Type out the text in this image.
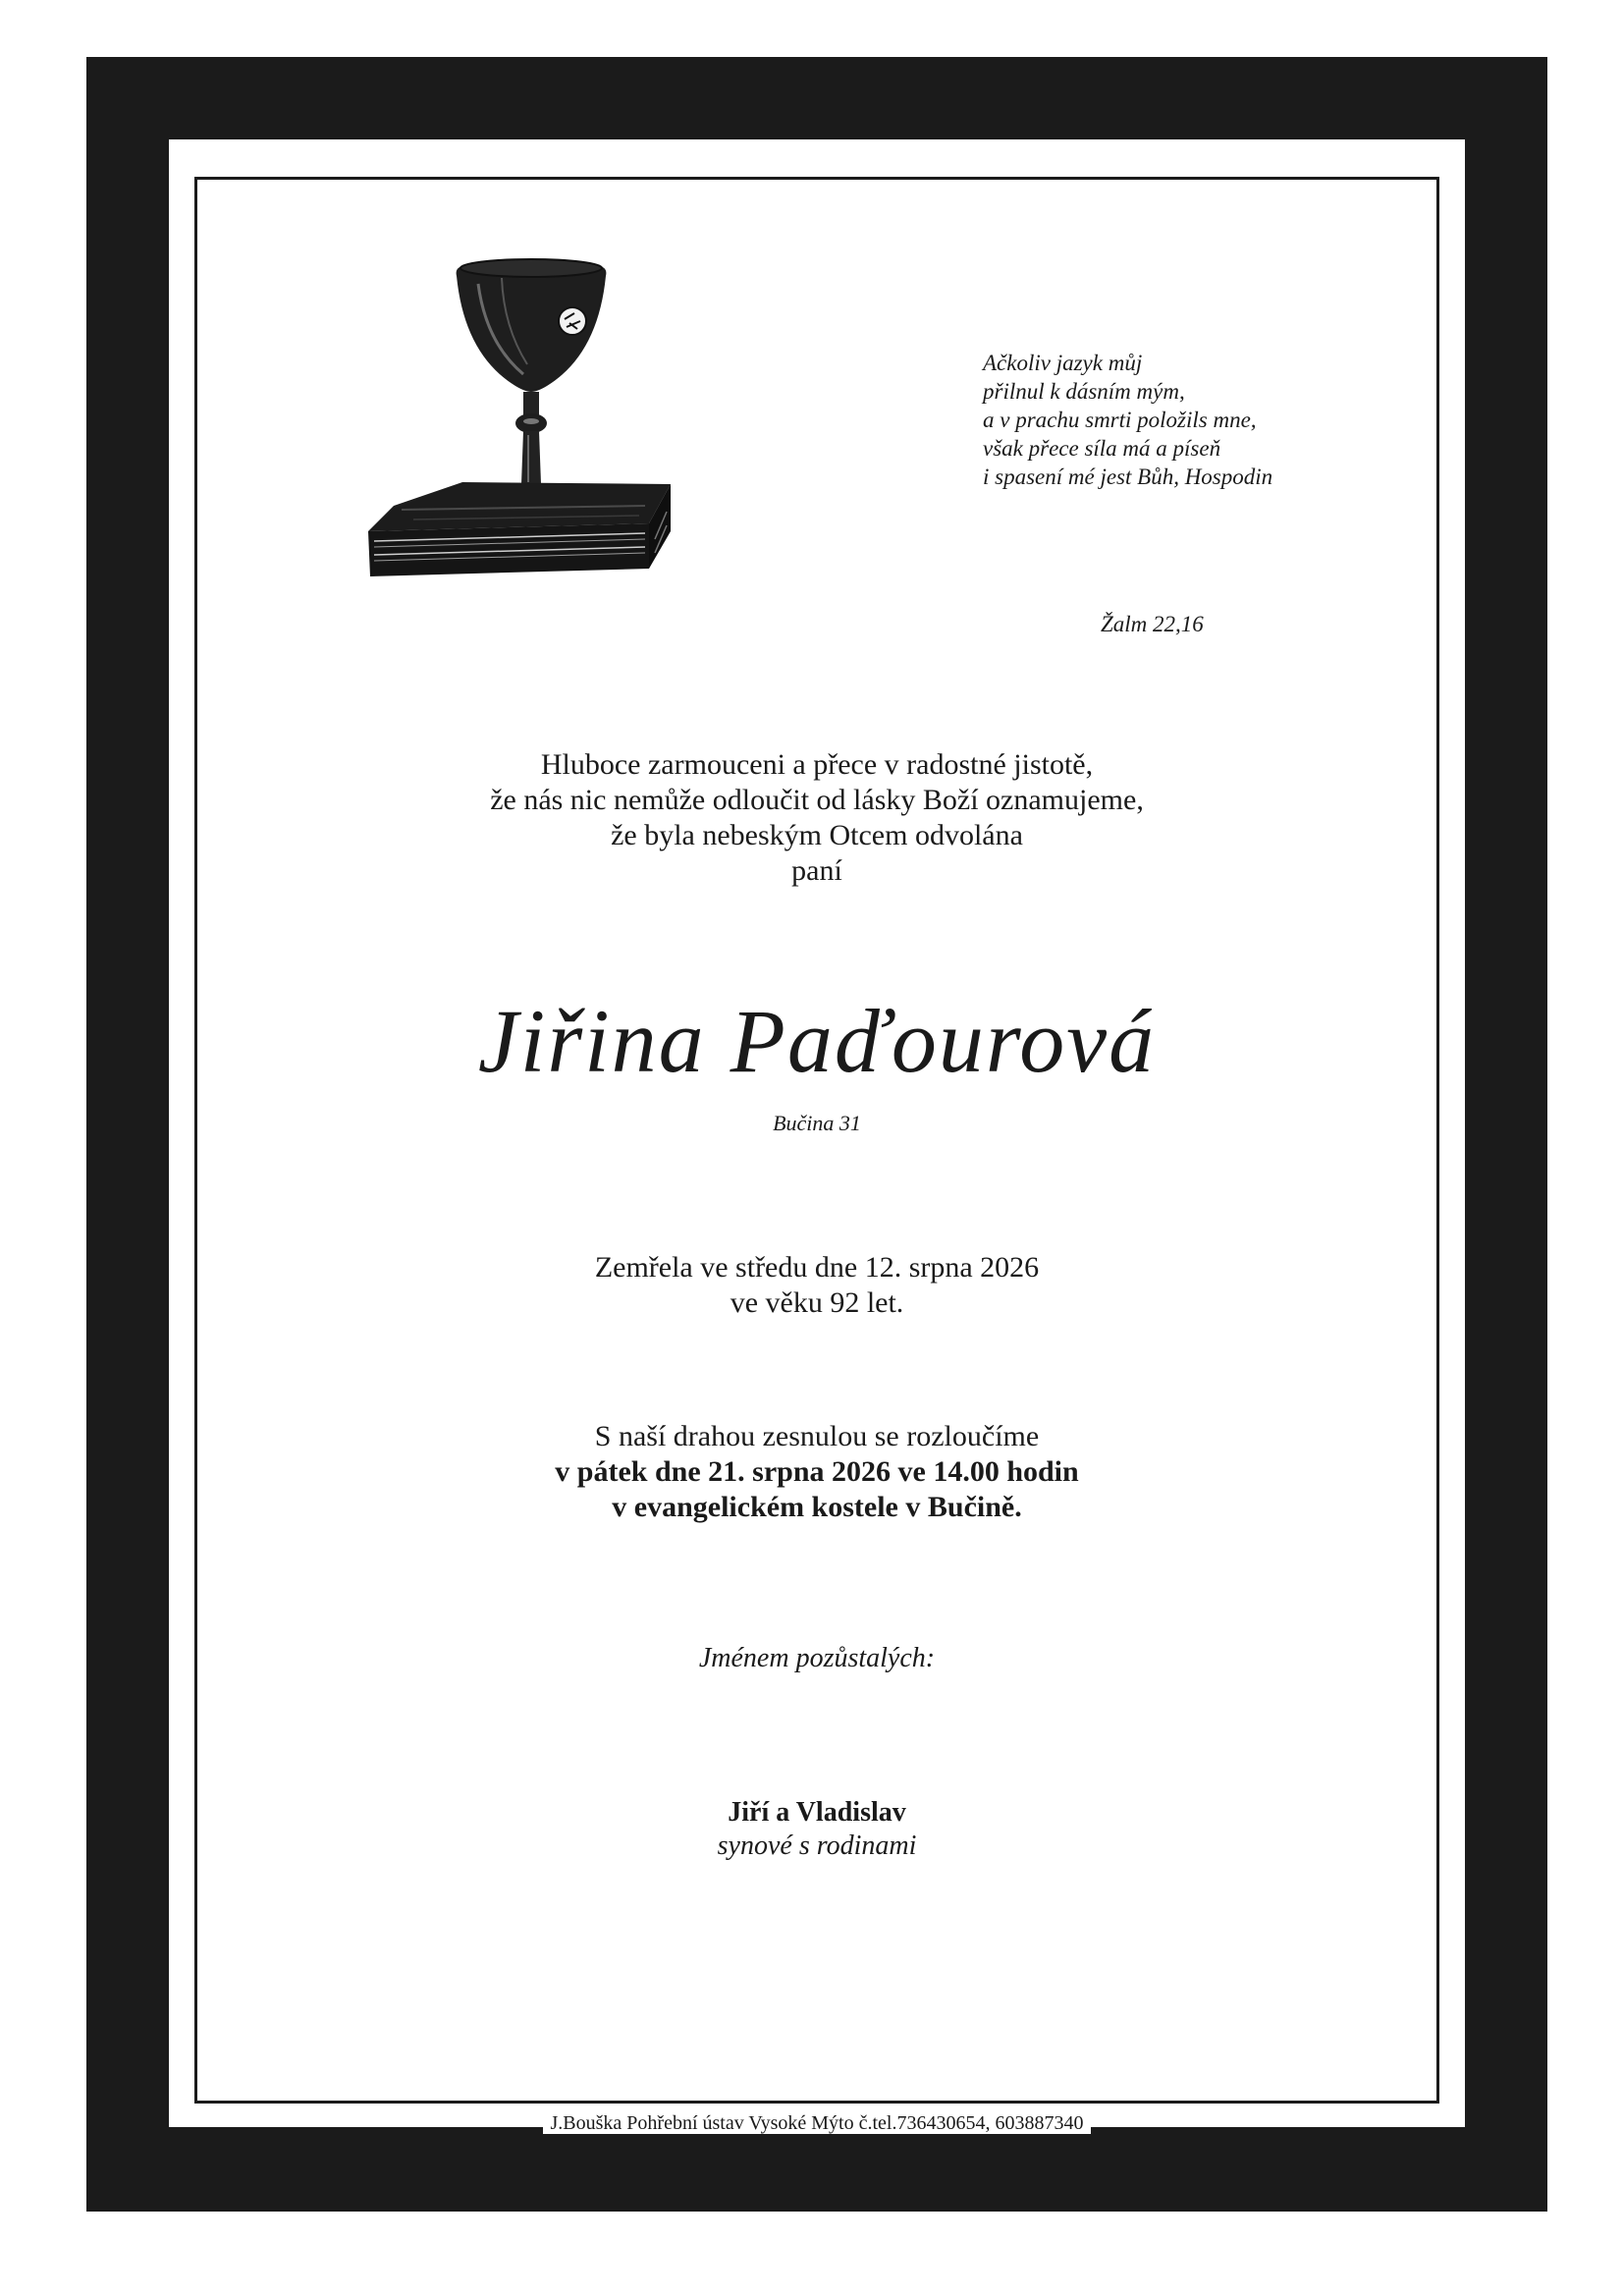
Ačkoliv jazyk můj
přilnul k dásním mým,
a v prachu smrti položils mne,
však přece síla má a píseň
i spasení mé jest Bůh, Hospodin
Žalm 22,16
Hluboce zarmouceni a přece v radostné jistotě,
že nás nic nemůže odloučit od lásky Boží oznamujeme,
že byla nebeským Otcem odvolána
paní
Jiřina Paďourová
Bučina 31
Zemřela ve středu dne 12. srpna 2026
ve věku 92 let.
S naší drahou zesnulou se rozloučíme
v pátek dne 21. srpna 2026 ve 14.00 hodin
v evangelickém kostele v Bučině.
Jménem pozůstalých:
Jiří a Vladislav
synové s rodinami
J.Bouška Pohřební ústav Vysoké Mýto č.tel.736430654, 603887340
